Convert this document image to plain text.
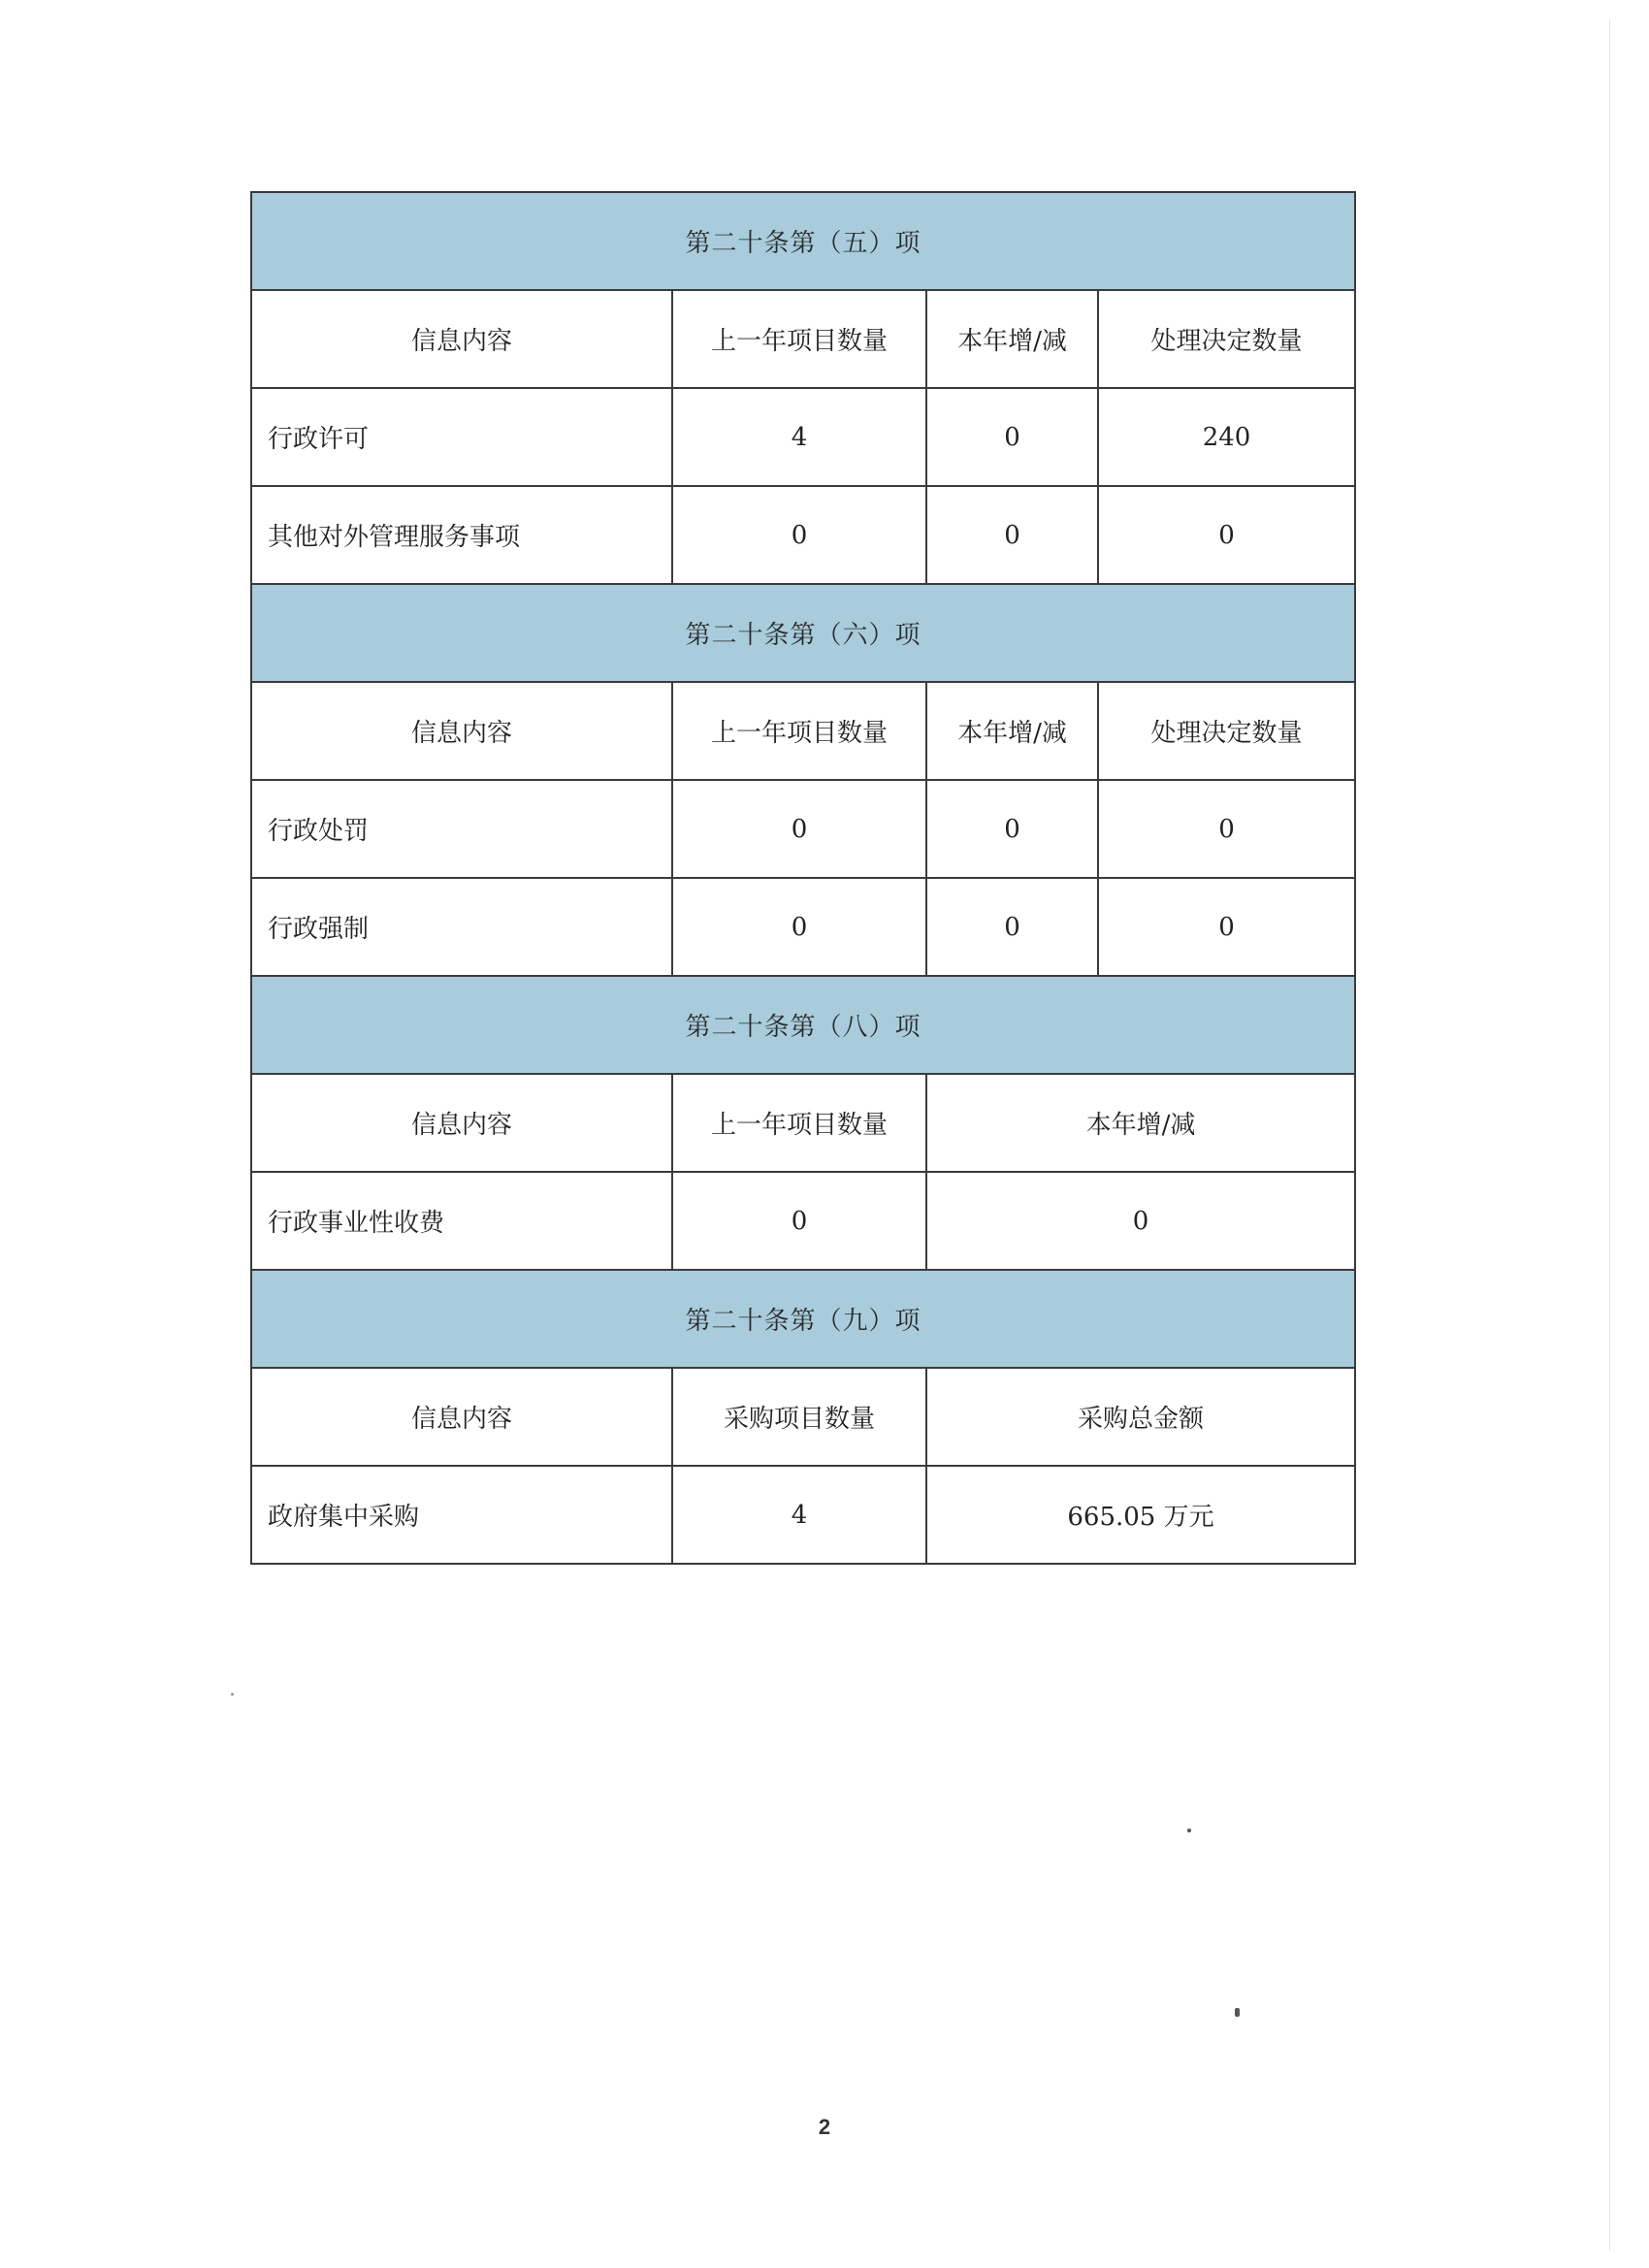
第二十条第（五）项			
信息内容	上一年项目数量	本年增/减	处理决定数量
行政许可	4	0	240
其他对外管理服务事项	0	0	0
第二十条第（六）项			
信息内容	上一年项目数量	本年增/减	处理决定数量
行政处罚	0	0	0
行政强制	0	0	0
第二十条第（八）项			
信息内容	上一年项目数量	本年增/减	
行政事业性收费	0	0	
第二十条第（九）项			
信息内容	采购项目数量	采购总金额	
政府集中采购	4	665.05 万元	
2
